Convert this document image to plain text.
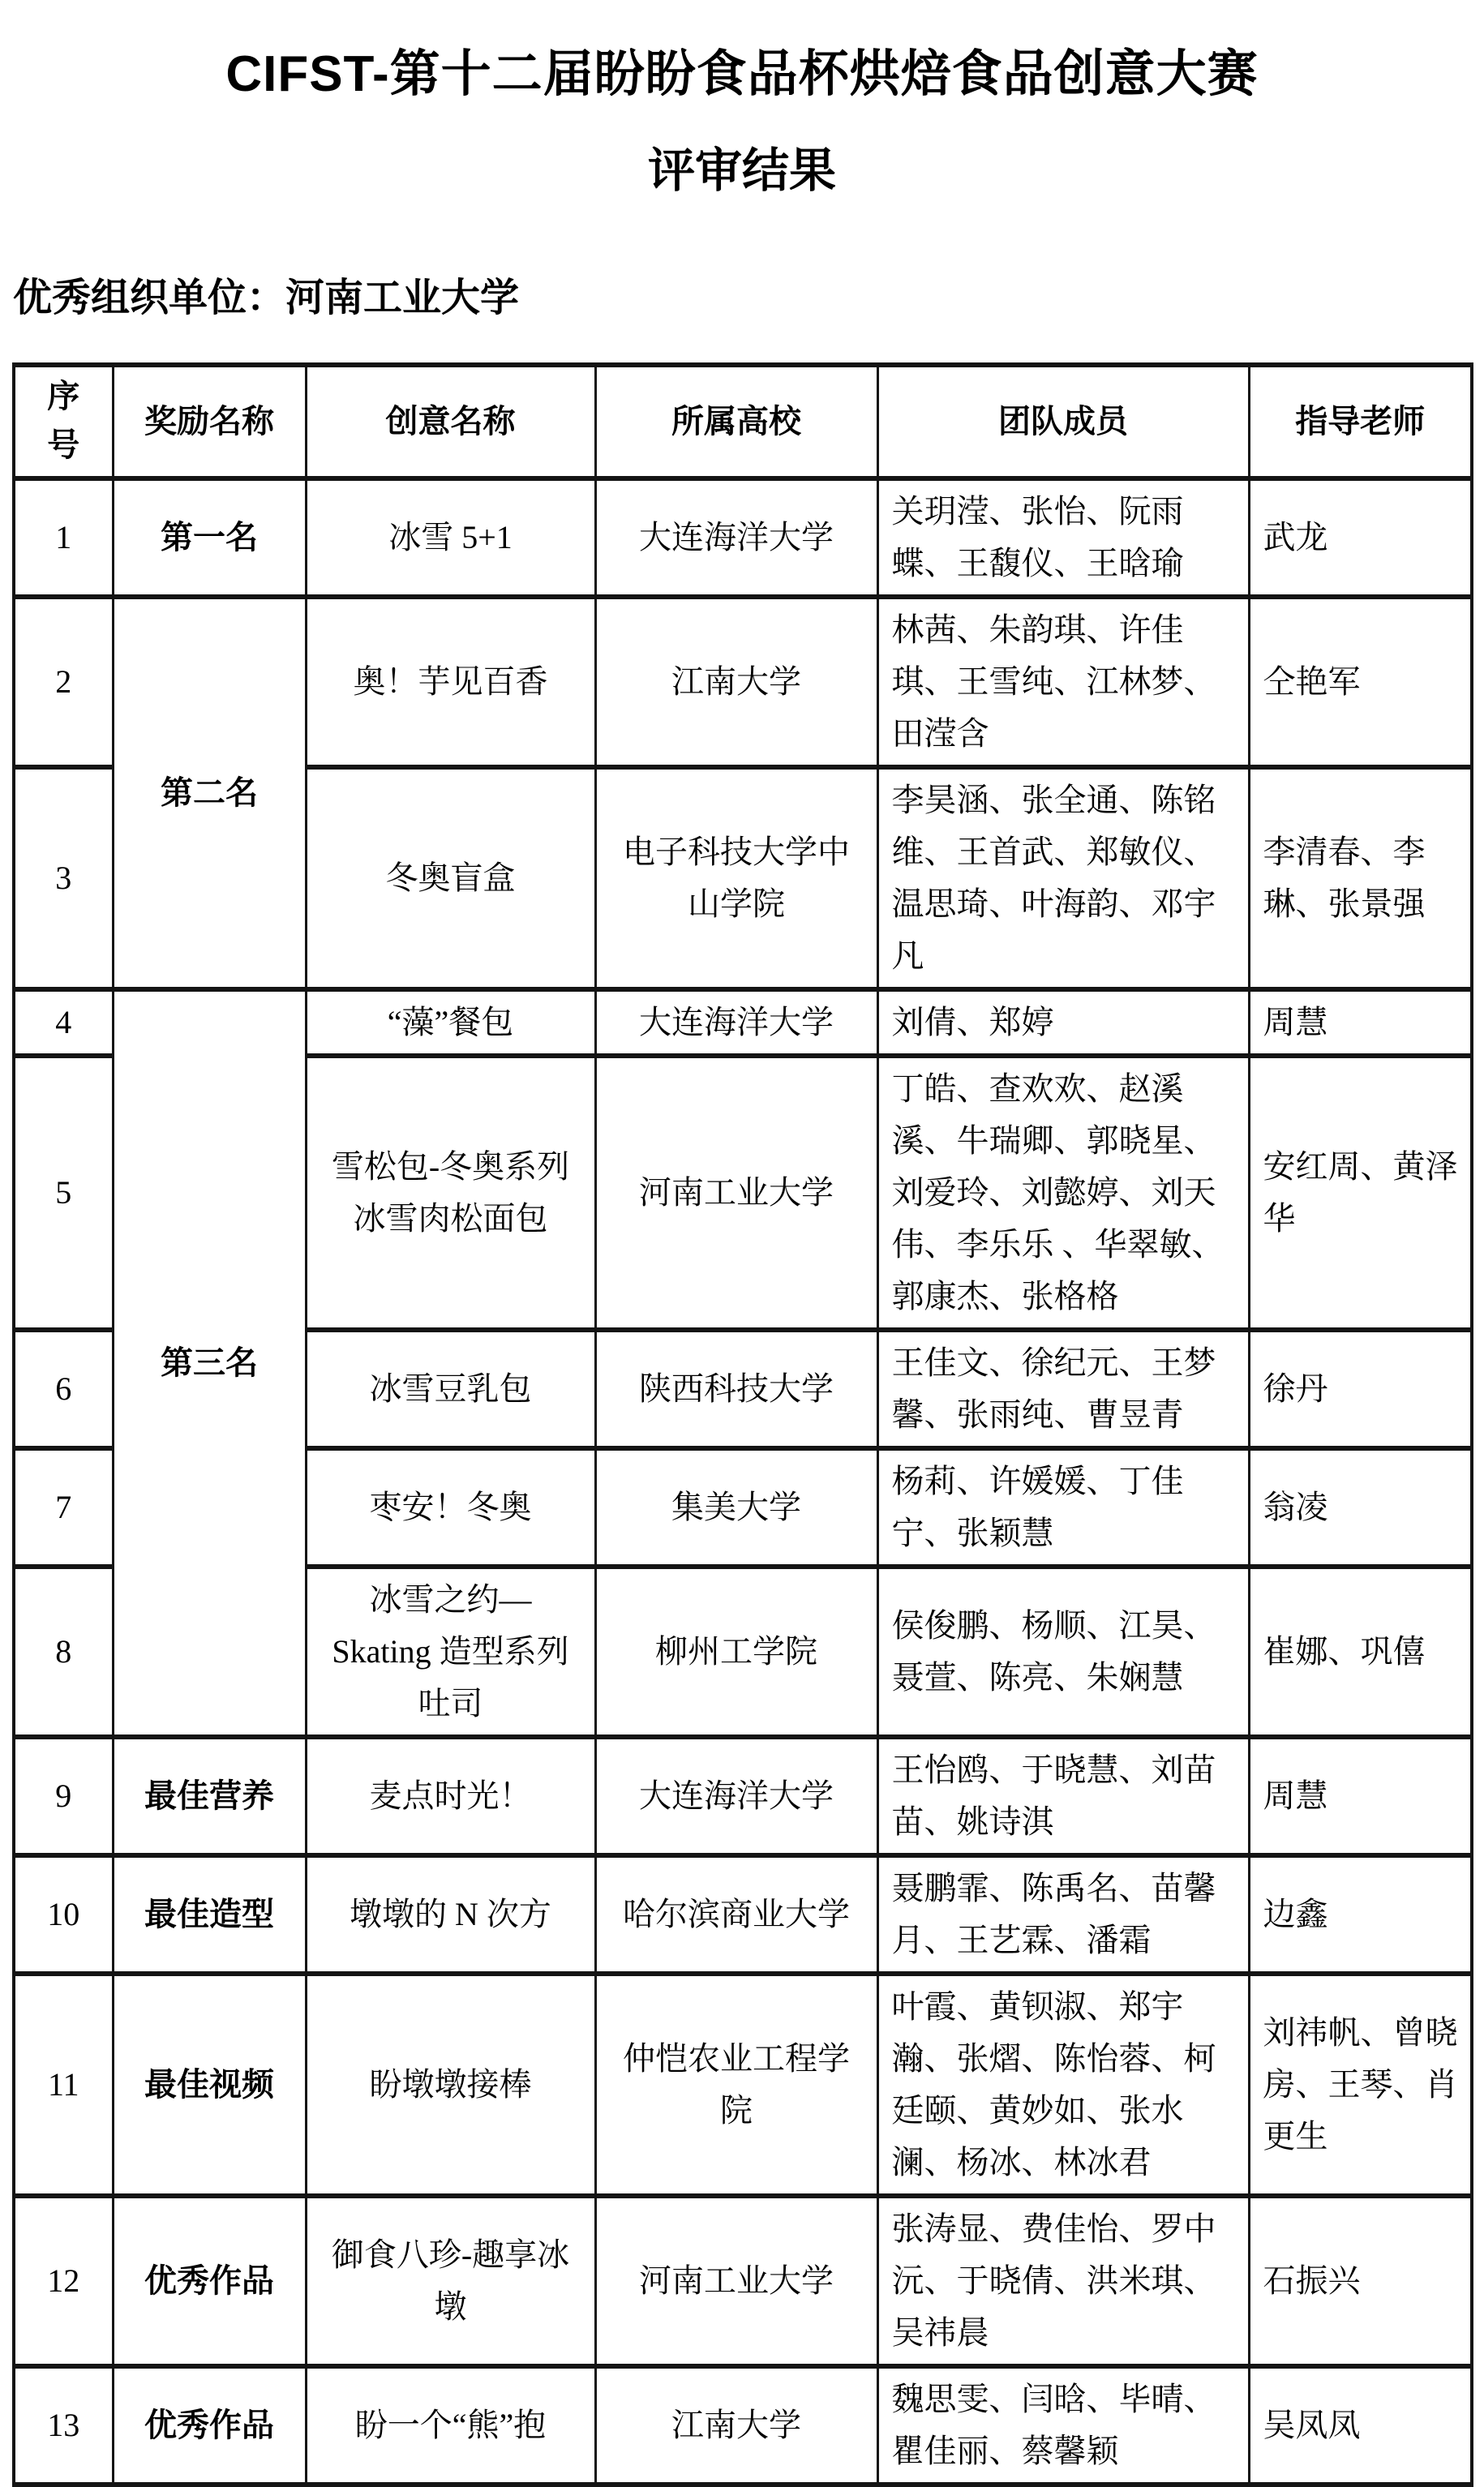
CIFST-第十二届盼盼食品杯烘焙食品创意大赛
评审结果
优秀组织单位：河南工业大学
序号	奖励名称	创意名称	所属高校	团队成员	指导老师
1	第一名	冰雪 5+1	大连海洋大学	关玥滢、张怡、阮雨蝶、王馥仪、王晗瑜	武龙
2	第二名	奥！芋见百香	江南大学	林茜、朱韵琪、许佳琪、王雪纯、江林梦、田滢含	仝艳军
3		冬奥盲盒	电子科技大学中山学院	李昊涵、张全通、陈铭维、王首武、郑敏仪、温思琦、叶海韵、邓宇凡	李清春、李琳、张景强
4	第三名	“藻”餐包	大连海洋大学	刘倩、郑婷	周慧
5		雪松包-冬奥系列冰雪肉松面包	河南工业大学	丁皓、查欢欢、赵溪溪、牛瑞卿、郭晓星、刘爱玲、刘懿婷、刘天伟、李乐乐 、华翠敏、郭康杰、张格格	安红周、黄泽华
6		冰雪豆乳包	陕西科技大学	王佳文、徐纪元、王梦馨、张雨纯、曹昱青	徐丹
7		枣安！冬奥	集美大学	杨莉、许媛媛、丁佳宁、张颖慧	翁凌
8		冰雪之约—Skating 造型系列吐司	柳州工学院	侯俊鹏、杨顺、江昊、聂萱、陈亮、朱娴慧	崔娜、巩僖
9	最佳营养	麦点时光！	大连海洋大学	王怡鸥、于晓慧、刘苗苗、姚诗淇	周慧
10	最佳造型	墩墩的 N 次方	哈尔滨商业大学	聂鹏霏、陈禹名、苗馨月、王艺霖、潘霜	边鑫
11	最佳视频	盼墩墩接棒	仲恺农业工程学院	叶霞、黄钡淑、郑宇瀚、张熠、陈怡蓉、柯廷颐、黄妙如、张水澜、杨冰、林冰君	刘祎帆、曾晓房、王琴、肖更生
12	优秀作品	御食八珍-趣享冰墩	河南工业大学	张涛显、费佳怡、罗中沅、于晓倩、洪米琪、吴祎晨	石振兴
13	优秀作品	盼一个“熊”抱	江南大学	魏思雯、闫晗、毕晴、瞿佳丽、蔡馨颖	吴凤凤
